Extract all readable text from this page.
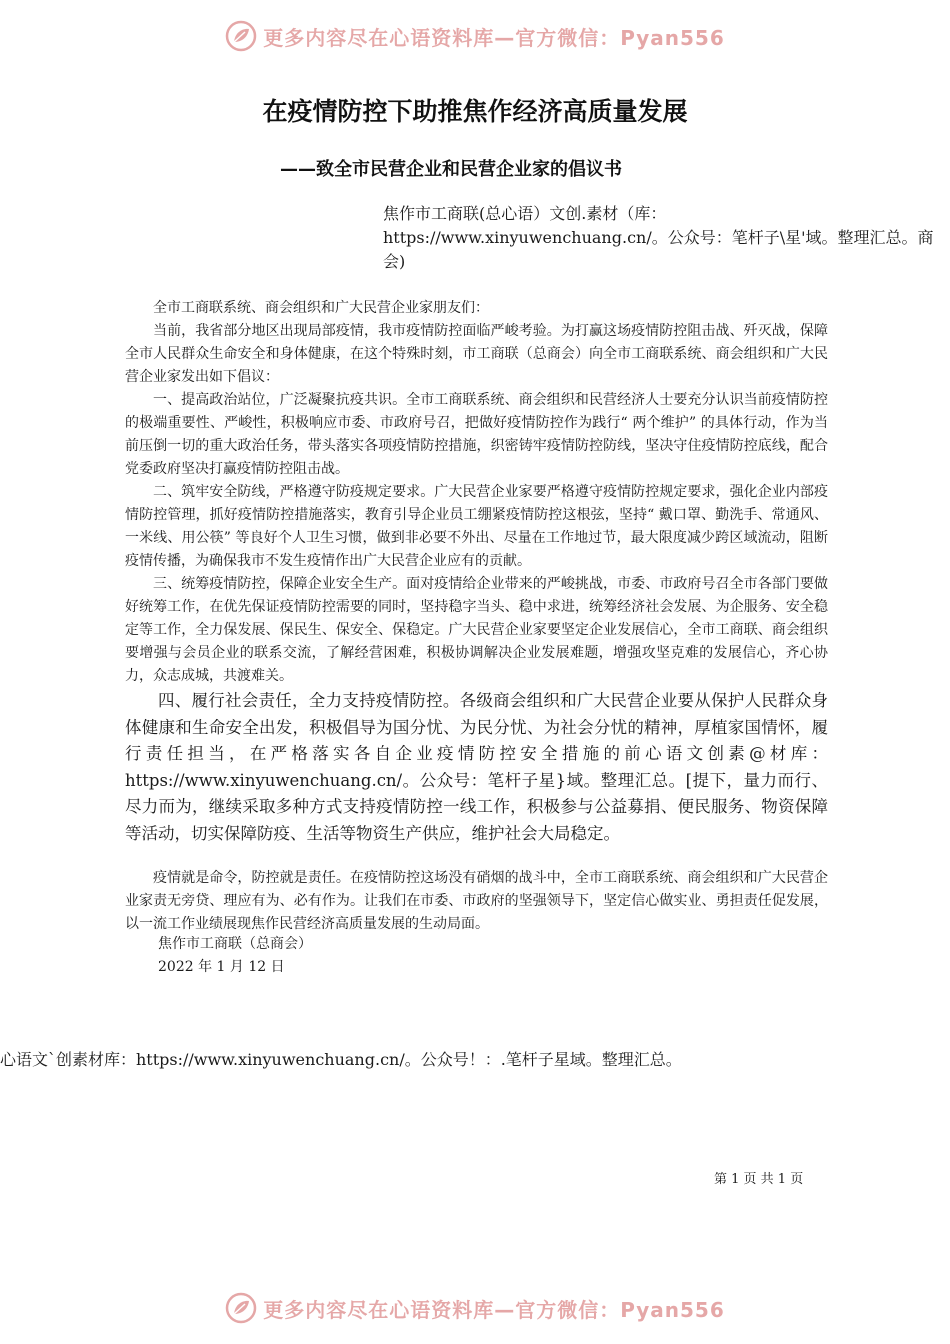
更多内容尽在心语资料库—官方微信：Pyan556
在疫情防控下助推焦作经济高质量发展
——致全市民营企业和民营企业家的倡议书

焦作市工商联(总心语）文创.素材（库：https://www.xinyuwenchuang.cn/。公众号：笔杆子\星'域。整理汇总。商会)

全市工商联系统、商会组织和广大民营企业家朋友们：

当前，我省部分地区出现局部疫情，我市疫情防控面临严峻考验。为打赢这场疫情防控阻击战、歼灭战，保障全市人民群众生命安全和身体健康，在这个特殊时刻，市工商联（总商会）向全市工商联系统、商会组织和广大民营企业家发出如下倡议：

一、提高政治站位，广泛凝聚抗疫共识。全市工商联系统、商会组织和民营经济人士要充分认识当前疫情防控的极端重要性、严峻性，积极响应市委、市政府号召，把做好疫情防控作为践行“ 两个维护” 的具体行动，作为当前压倒一切的重大政治任务，带头落实各项疫情防控措施，织密铸牢疫情防控防线，坚决守住疫情防控底线，配合党委政府坚决打赢疫情防控阻击战。

二、筑牢安全防线，严格遵守防疫规定要求。广大民营企业家要严格遵守疫情防控规定要求，强化企业内部疫情防控管理，抓好疫情防控措施落实，教育引导企业员工绷紧疫情防控这根弦，坚持“ 戴口罩、勤洗手、常通风、一米线、用公筷” 等良好个人卫生习惯，做到非必要不外出、尽量在工作地过节，最大限度减少跨区域流动，阻断疫情传播，为确保我市不发生疫情作出广大民营企业应有的贡献。

三、统筹疫情防控，保障企业安全生产。面对疫情给企业带来的严峻挑战，市委、市政府号召全市各部门要做好统筹工作，在优先保证疫情防控需要的同时，坚持稳字当头、稳中求进，统筹经济社会发展、为企服务、安全稳定等工作，全力保发展、保民生、保安全、保稳定。广大民营企业家要坚定企业发展信心，全市工商联、商会组织要增强与会员企业的联系交流，了解经营困难，积极协调解决企业发展难题，增强攻坚克难的发展信心，齐心协力，众志成城，共渡难关。

四、履行社会责任，全力支持疫情防控。各级商会组织和广大民营企业要从保护人民群众身体健康和生命安全出发，积极倡导为国分忧、为民分忧、为社会分忧的精神，厚植家国情怀，履行责任担当，在严格落实各自企业疫情防控安全措施的前心语文创素@材库：https://www.xinyuwenchuang.cn/。公众号：笔杆子星}域。整理汇总。[提下，量力而行、尽力而为，继续采取多种方式支持疫情防控一线工作，积极参与公益募捐、便民服务、物资保障等活动，切实保障防疫、生活等物资生产供应，维护社会大局稳定。

疫情就是命令，防控就是责任。在疫情防控这场没有硝烟的战斗中，全市工商联系统、商会组织和广大民营企业家责无旁贷、理应有为、必有作为。让我们在市委、市政府的坚强领导下，坚定信心做实业、勇担责任促发展，以一流工作业绩展现焦作民营经济高质量发展的生动局面。

焦作市工商联（总商会）

2022 年 1 月 12 日

心语文`创素材库：https://www.xinyuwenchuang.cn/。公众号！：.笔杆子星域。整理汇总。

第 1 页 共 1 页

更多内容尽在心语资料库—官方微信：Pyan556
